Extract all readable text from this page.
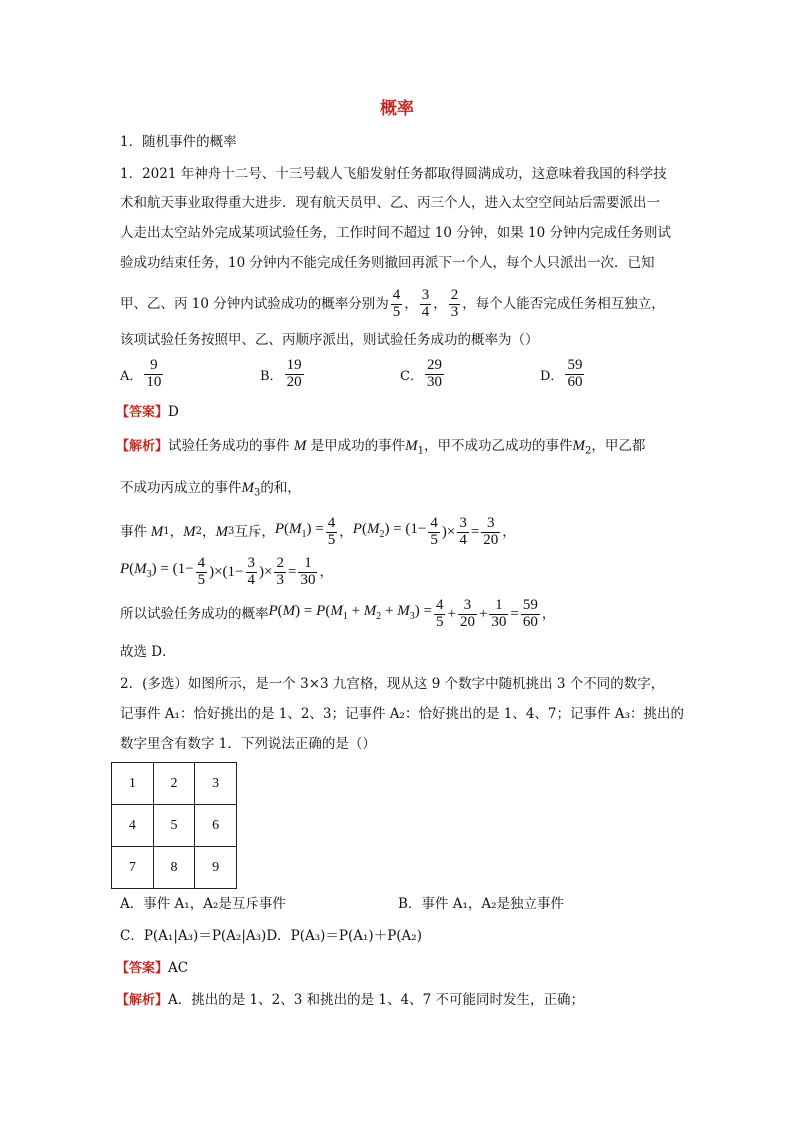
概率
1．随机事件的概率
1．2021 年神舟十二号、十三号载人飞船发射任务都取得圆满成功，这意味着我国的科学技
术和航天事业取得重大进步．现有航天员甲、乙、丙三个人，进入太空空间站后需要派出一
人走出太空站外完成某项试验任务，工作时间不超过 10 分钟，如果 10 分钟内完成任务则试
验成功结束任务，10 分钟内不能完成任务则撤回再派下一个人，每个人只派出一次．已知
甲、乙、丙 10 分钟内试验成功的概率分别为 $\frac{4}{5}$ ， $\frac{3}{4}$ ， $\frac{2}{3}$ ，每个人能否完成任务相互独立，
该项试验任务按照甲、乙、丙顺序派出，则试验任务成功的概率为（）
A． $\frac{9}{10}$	B． $\frac{19}{20}$	C． $\frac{29}{30}$	D． $\frac{59}{60}$
【答案】D
【解析】试验任务成功的事件 M 是甲成功的事件$M_1$，甲不成功乙成功的事件$M_2$，甲乙都
不成功丙成立的事件$M_3$的和，
事件 M 1 ， M 2 ， M 3 互斥， $P(M_1) = \frac{4}{5}$ ， $P(M_2) = (1- \frac{4}{5}$ )× $\frac{3}{4} = \frac{3}{20}$ ，
$P(M_3) = (1- \frac{4}{5} )\times(1- \frac{3}{4}$ )× $\frac{2}{3} = \frac{1}{30}$ ，
所以试验任务成功的概率 $P(M) = P(M_1 + M_2 + M_3) = \frac{4}{5} + \frac{3}{20} + \frac{1}{30} = \frac{59}{60}$ ，
故选 D．
2．(多选）如图所示，是一个 3×3 九宫格，现从这 9 个数字中随机挑出 3 个不同的数字，
记事件 A₁：恰好挑出的是 1、2、3；记事件 A₂：恰好挑出的是 1、4、7；记事件 A₃：挑出的
数字里含有数字 1．下列说法正确的是（）
1	2	3
4	5	6
7	8	9
A．事件 A₁，A₂是互斥事件	B．事件 A₁，A₂是独立事件
C．P(A₁|A₃)＝P(A₂|A₃)D．P(A₃)＝P(A₁)＋P(A₂)
【答案】AC
【解析】A．挑出的是 1、2、3 和挑出的是 1、4、7 不可能同时发生，正确；
